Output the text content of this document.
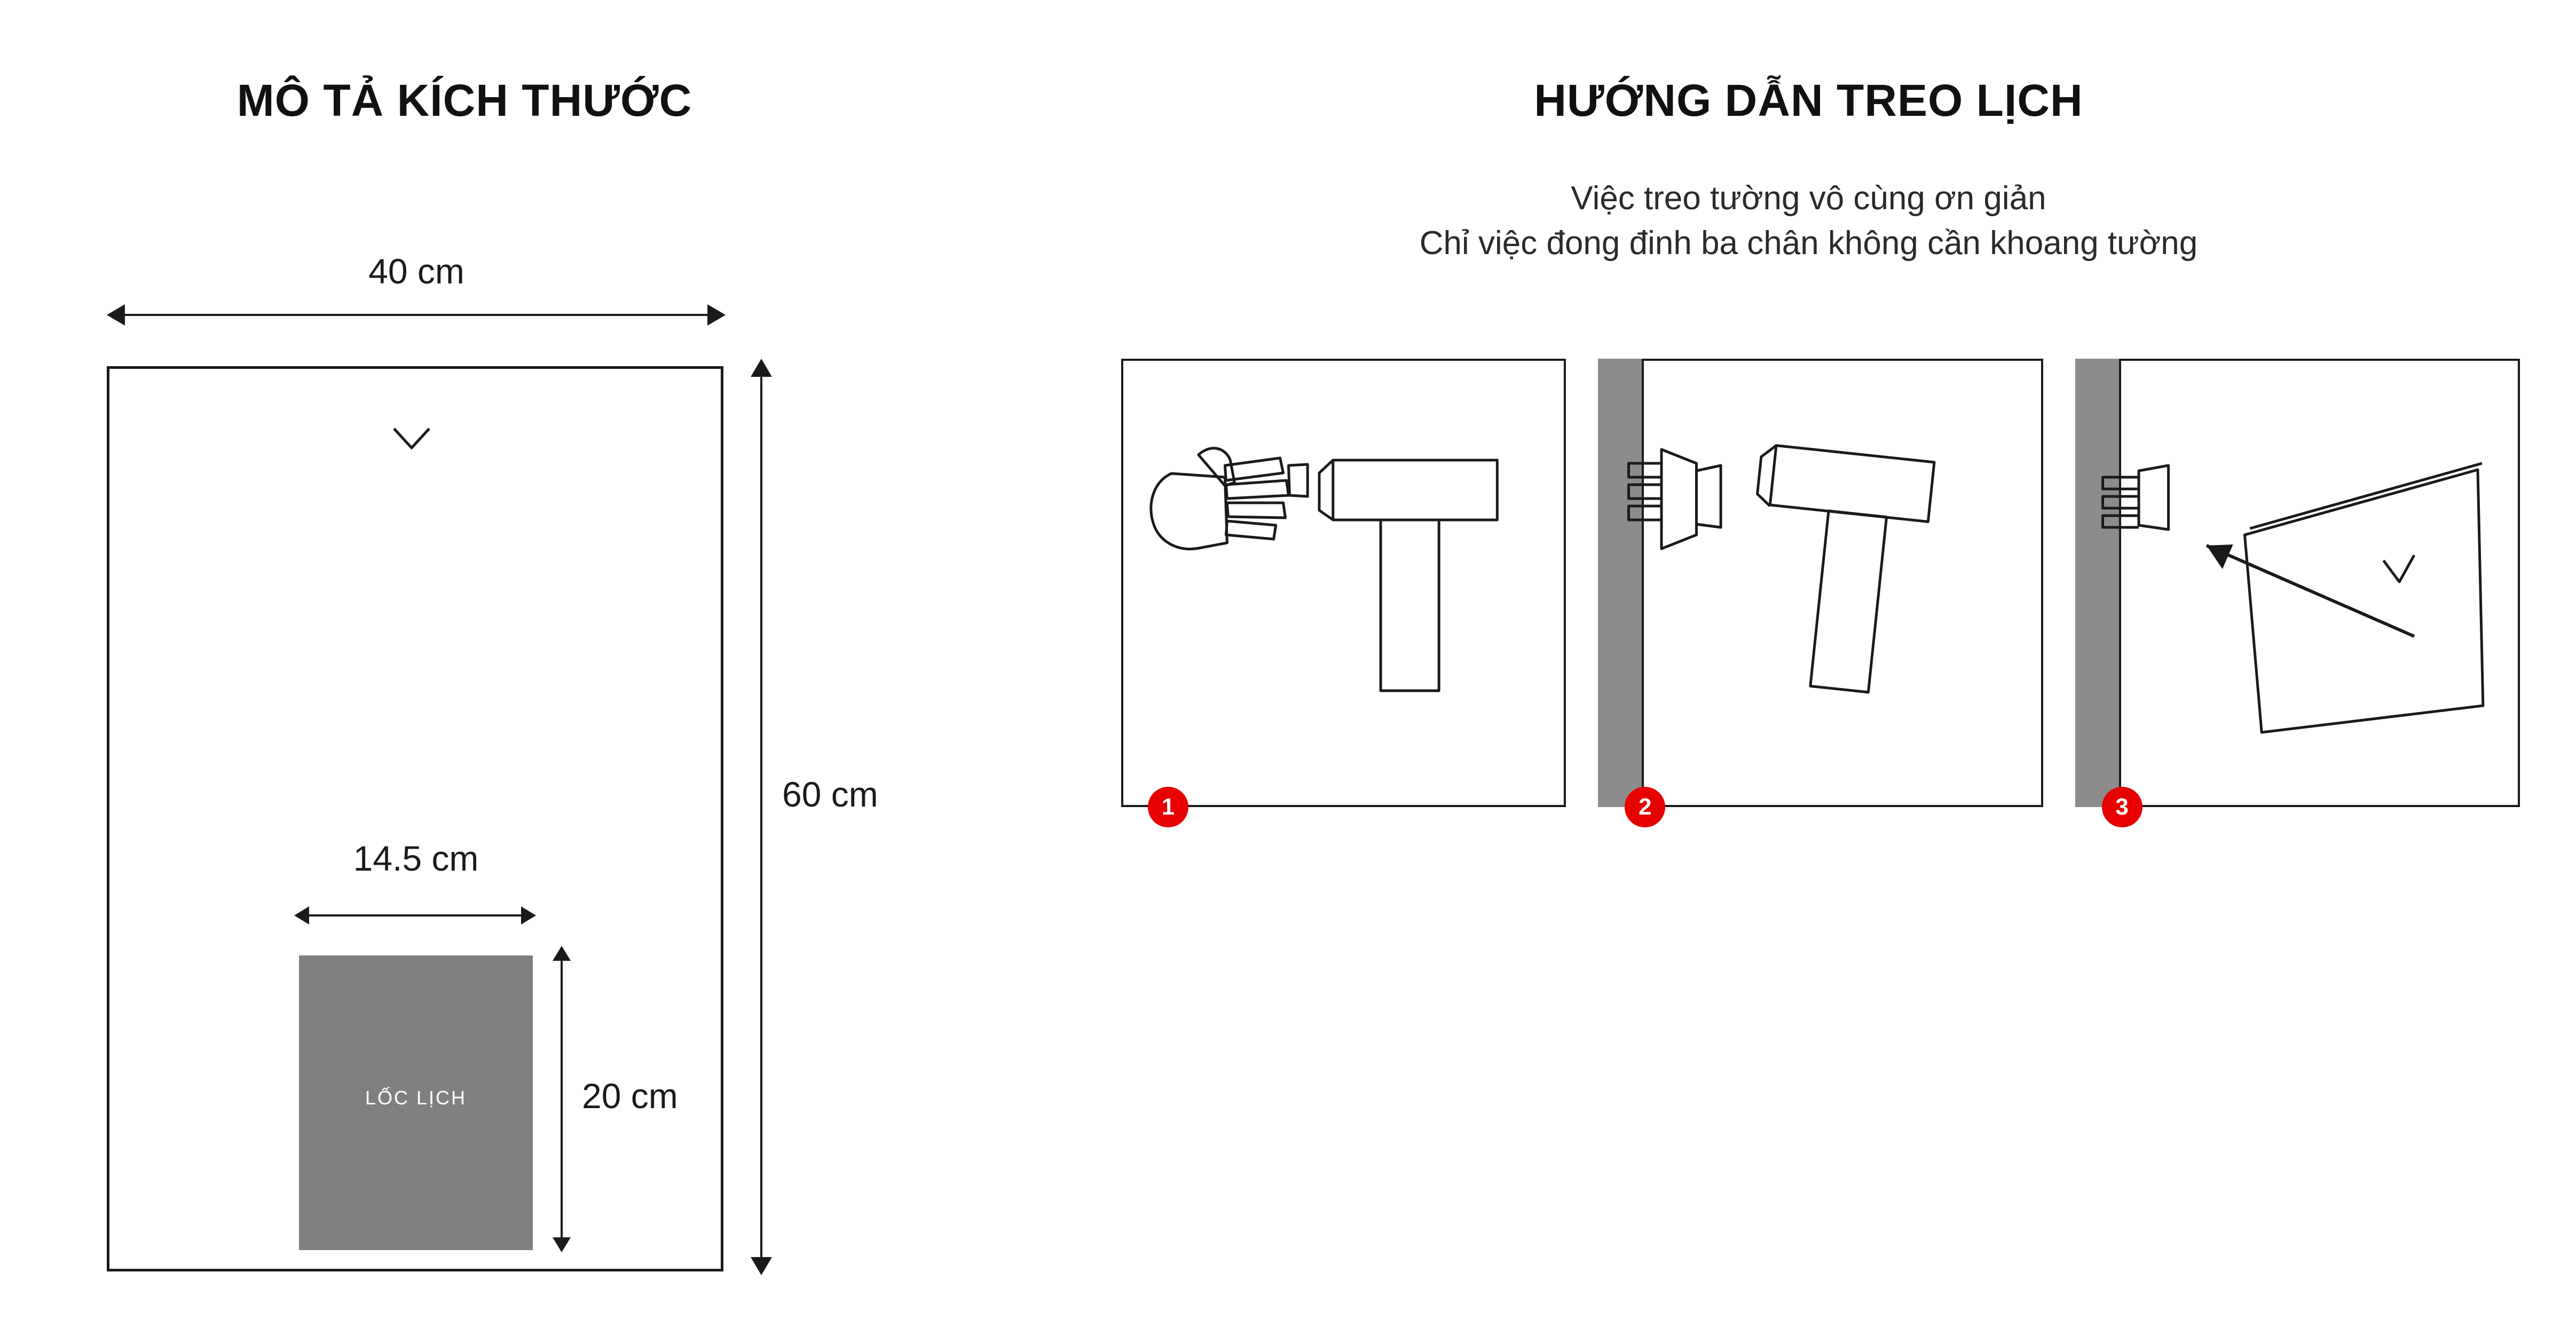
MÔ TẢ KÍCH THƯỚC
40 cm
60 cm
14.5 cm
LỐC LỊCH	20 cm
HƯỚNG DẪN TREO LỊCH
Việc treo tường vô cùng ơn giản
Chỉ việc đong đinh ba chân không cần khoang tường
1	2	3
